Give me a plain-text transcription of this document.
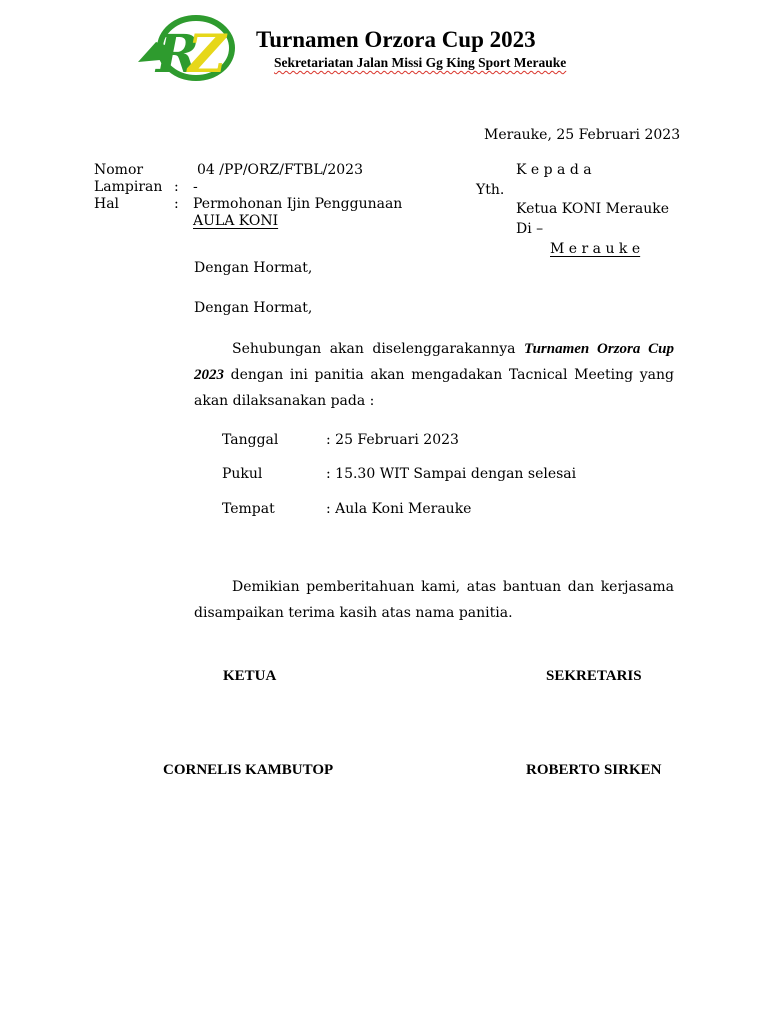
R
Z Turnamen Orzora Cup 2023
Sekretariatan Jalan Missi Gg King Sport Merauke
Merauke, 25 Februari 2023
Nomor	04 /PP/ORZ/FTBL/2023
Lampiran : -
Hal	: Permohonan Ijin Penggunaan
AULA KONI
K e p a d a
Yth.
Ketua KONI Merauke
Di –
M e r a u k e
Dengan Hormat,
Dengan Hormat,
Sehubungan akan diselenggarakannya Turnamen Orzora Cup 2023 dengan ini panitia akan mengadakan Tacnical Meeting yang akan dilaksanakan pada :
Tanggal	: 25 Februari 2023
Pukul	: 15.30 WIT Sampai dengan selesai
Tempat	: Aula Koni Merauke
Demikian pemberitahuan kami, atas bantuan dan kerjasama disampaikan terima kasih atas nama panitia.
KETUA	SEKRETARIS
CORNELIS KAMBUTOP	ROBERTO SIRKEN
